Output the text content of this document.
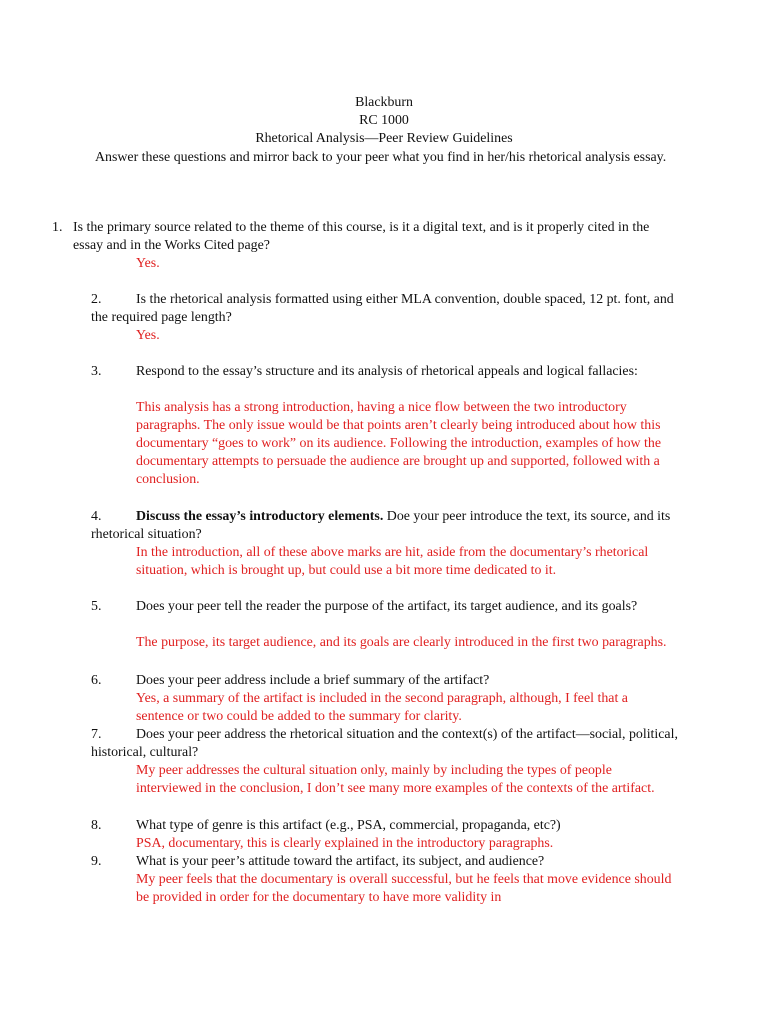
Blackburn
RC 1000
Rhetorical Analysis—Peer Review Guidelines
Answer these questions and mirror back to your peer what you find in her/his rhetorical analysis essay.
1. Is the primary source related to the theme of this course, is it a digital text, and is it properly cited in the essay and in the Works Cited page?
Yes.
2. Is the rhetorical analysis formatted using either MLA convention, double spaced, 12 pt. font, and the required page length?
Yes.
3. Respond to the essay’s structure and its analysis of rhetorical appeals and logical fallacies:
This analysis has a strong introduction, having a nice flow between the two introductory paragraphs. The only issue would be that points aren’t clearly being introduced about how this documentary “goes to work” on its audience. Following the introduction, examples of how the documentary attempts to persuade the audience are brought up and supported, followed with a conclusion.
4. Discuss the essay’s introductory elements. Doe your peer introduce the text, its source, and its rhetorical situation?
In the introduction, all of these above marks are hit, aside from the documentary’s rhetorical situation, which is brought up, but could use a bit more time dedicated to it.
5. Does your peer tell the reader the purpose of the artifact, its target audience, and its goals?
The purpose, its target audience, and its goals are clearly introduced in the first two paragraphs.
6. Does your peer address include a brief summary of the artifact?
Yes, a summary of the artifact is included in the second paragraph, although, I feel that a sentence or two could be added to the summary for clarity.
7. Does your peer address the rhetorical situation and the context(s) of the artifact—social, political, historical, cultural?
My peer addresses the cultural situation only, mainly by including the types of people interviewed in the conclusion, I don’t see many more examples of the contexts of the artifact.
8. What type of genre is this artifact (e.g., PSA, commercial, propaganda, etc?)
PSA, documentary, this is clearly explained in the introductory paragraphs.
9. What is your peer’s attitude toward the artifact, its subject, and audience?
My peer feels that the documentary is overall successful, but he feels that move evidence should be provided in order for the documentary to have more validity in
